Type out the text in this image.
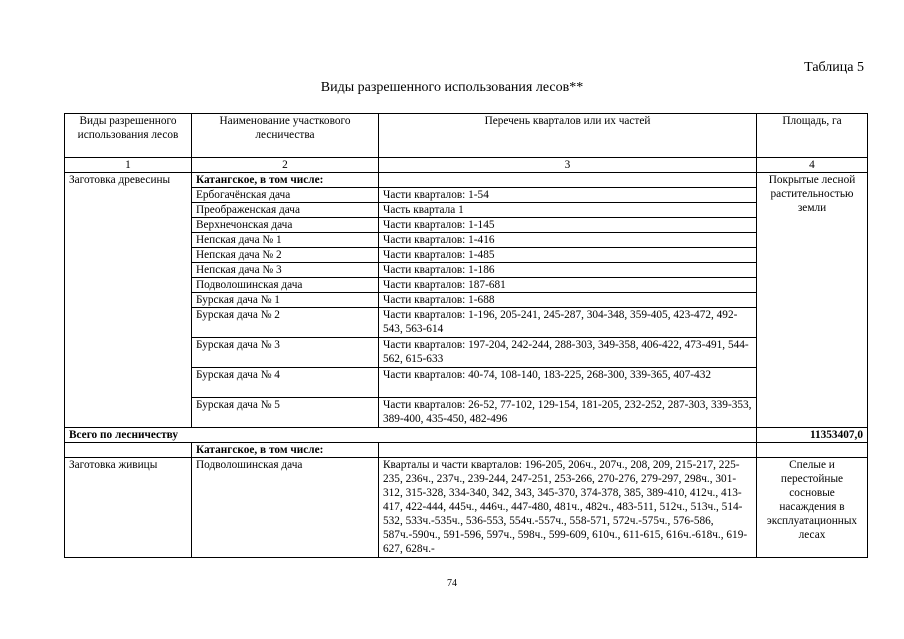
Таблица 5
Виды разрешенного использования лесов**
Виды разрешенного использования лесов	Наименование участкового лесничества	Перечень кварталов или их частей	Площадь, га
1	2	3	4
Заготовка древесины	Катангское, в том числе:		Покрытые лесной растительностью земли
	Ербогачёнская дача	Части кварталов: 1-54	
	Преображенская дача	Часть квартала 1	
	Верхнечонская дача	Части кварталов: 1-145	
	Непская дача № 1	Части кварталов: 1-416	
	Непская дача № 2	Части кварталов: 1-485	
	Непская дача № 3	Части кварталов: 1-186	
	Подволошинская дача	Части кварталов: 187-681	
	Бурская дача № 1	Части кварталов: 1-688	
	Бурская дача № 2	Части кварталов: 1-196, 205-241, 245-287, 304-348, 359-405, 423-472, 492-543, 563-614	
	Бурская дача № 3	Части кварталов: 197-204, 242-244, 288-303, 349-358, 406-422, 473-491, 544-562, 615-633	
	Бурская дача № 4	Части кварталов: 40-74, 108-140, 183-225, 268-300, 339-365, 407-432	
	Бурская дача № 5	Части кварталов: 26-52, 77-102, 129-154, 181-205, 232-252, 287-303, 339-353, 389-400, 435-450, 482-496	
Всего по лесничеству			11353407,0
	Катангское, в том числе:		
Заготовка живицы	Подволошинская дача	Кварталы и части кварталов: 196-205, 206ч., 207ч., 208, 209, 215-217, 225-235, 236ч., 237ч., 239-244, 247-251, 253-266, 270-276, 279-297, 298ч., 301-312, 315-328, 334-340, 342, 343, 345-370, 374-378, 385, 389-410, 412ч., 413- 417, 422-444, 445ч., 446ч., 447-480, 481ч., 482ч., 483-511, 512ч., 513ч., 514-532, 533ч.-535ч., 536-553, 554ч.-557ч., 558-571, 572ч.-575ч., 576-586, 587ч.-590ч., 591-596, 597ч., 598ч., 599-609, 610ч., 611-615, 616ч.-618ч., 619-627, 628ч.-	Спелые и перестойные сосновые насаждения в эксплуатационных лесах
74
